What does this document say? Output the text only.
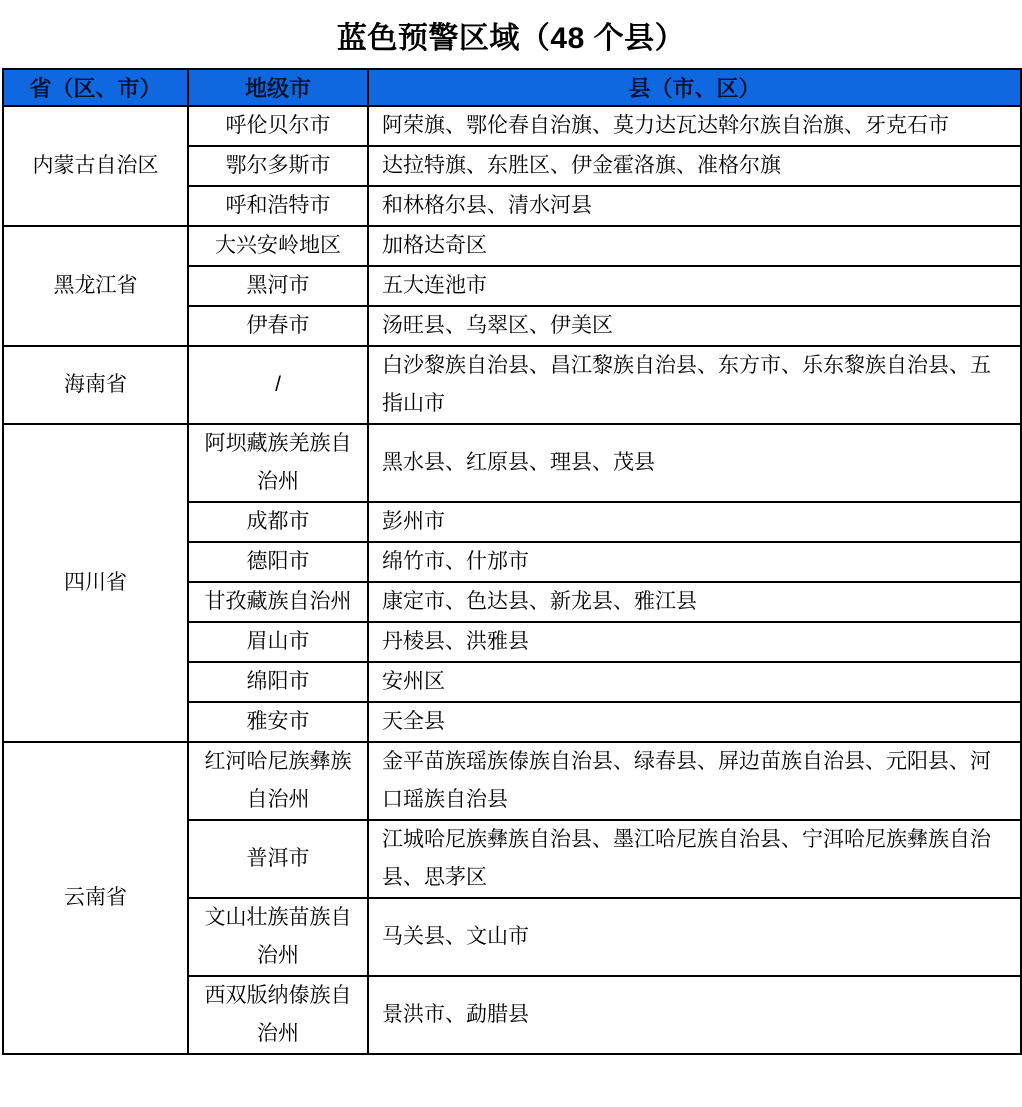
蓝色预警区域（48 个县）
省（区、市）	地级市	县（市、区）
内蒙古自治区	呼伦贝尔市	阿荣旗、鄂伦春自治旗、莫力达瓦达斡尔族自治旗、牙克石市
	鄂尔多斯市	达拉特旗、东胜区、伊金霍洛旗、准格尔旗
	呼和浩特市	和林格尔县、清水河县
黑龙江省	大兴安岭地区	加格达奇区
	黑河市	五大连池市
	伊春市	汤旺县、乌翠区、伊美区
海南省	/	白沙黎族自治县、昌江黎族自治县、东方市、乐东黎族自治县、五指山市
四川省	阿坝藏族羌族自治州	黑水县、红原县、理县、茂县
	成都市	彭州市
	德阳市	绵竹市、什邡市
	甘孜藏族自治州	康定市、色达县、新龙县、雅江县
	眉山市	丹棱县、洪雅县
	绵阳市	安州区
	雅安市	天全县
云南省	红河哈尼族彝族自治州	金平苗族瑶族傣族自治县、绿春县、屏边苗族自治县、元阳县、河口瑶族自治县
	普洱市	江城哈尼族彝族自治县、墨江哈尼族自治县、宁洱哈尼族彝族自治县、思茅区
	文山壮族苗族自治州	马关县、文山市
	西双版纳傣族自治州	景洪市、勐腊县
